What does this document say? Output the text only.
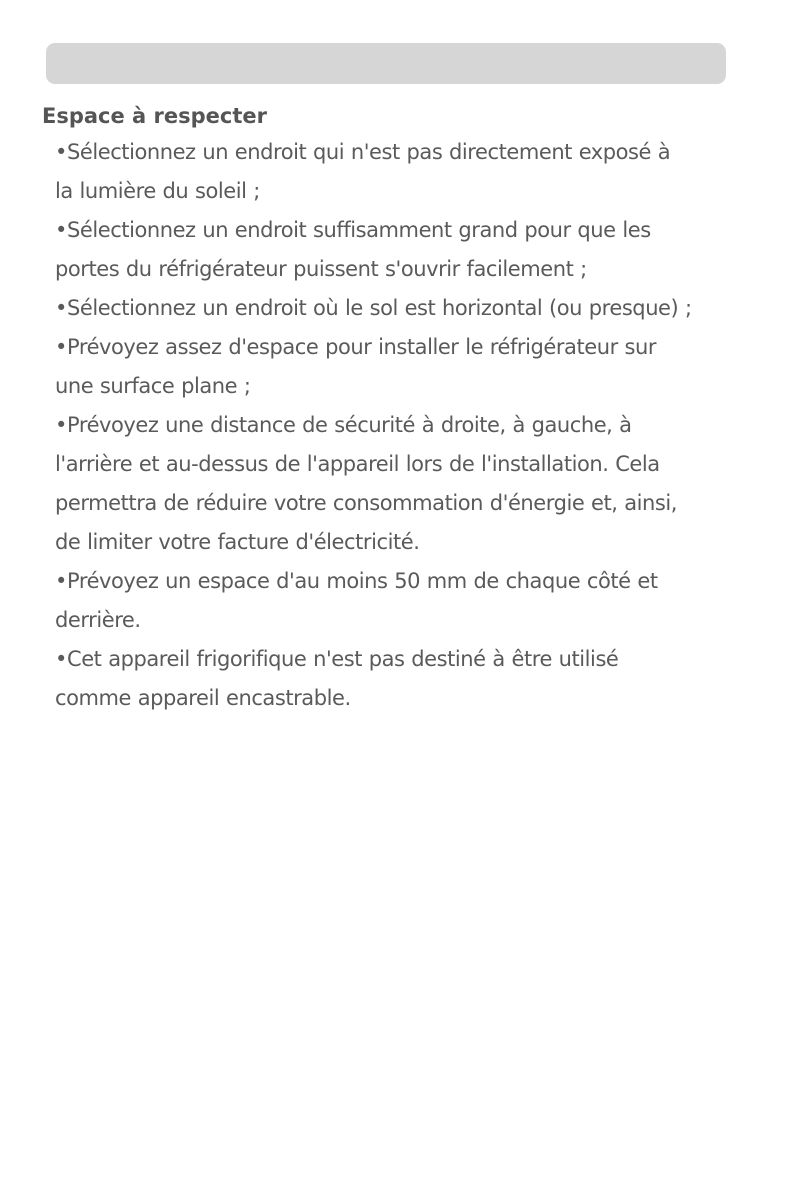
Espace à respecter
•Sélectionnez un endroit qui n'est pas directement exposé à
la lumière du soleil ;
•Sélectionnez un endroit suffisamment grand pour que les
portes du réfrigérateur puissent s'ouvrir facilement ;
•Sélectionnez un endroit où le sol est horizontal (ou presque) ;
•Prévoyez assez d'espace pour installer le réfrigérateur sur
une surface plane ;
•Prévoyez une distance de sécurité à droite, à gauche, à
l'arrière et au-dessus de l'appareil lors de l'installation. Cela
permettra de réduire votre consommation d'énergie et, ainsi,
de limiter votre facture d'électricité.
•Prévoyez un espace d'au moins 50 mm de chaque côté et
derrière.
•Cet appareil frigorifique n'est pas destiné à être utilisé
comme appareil encastrable.
